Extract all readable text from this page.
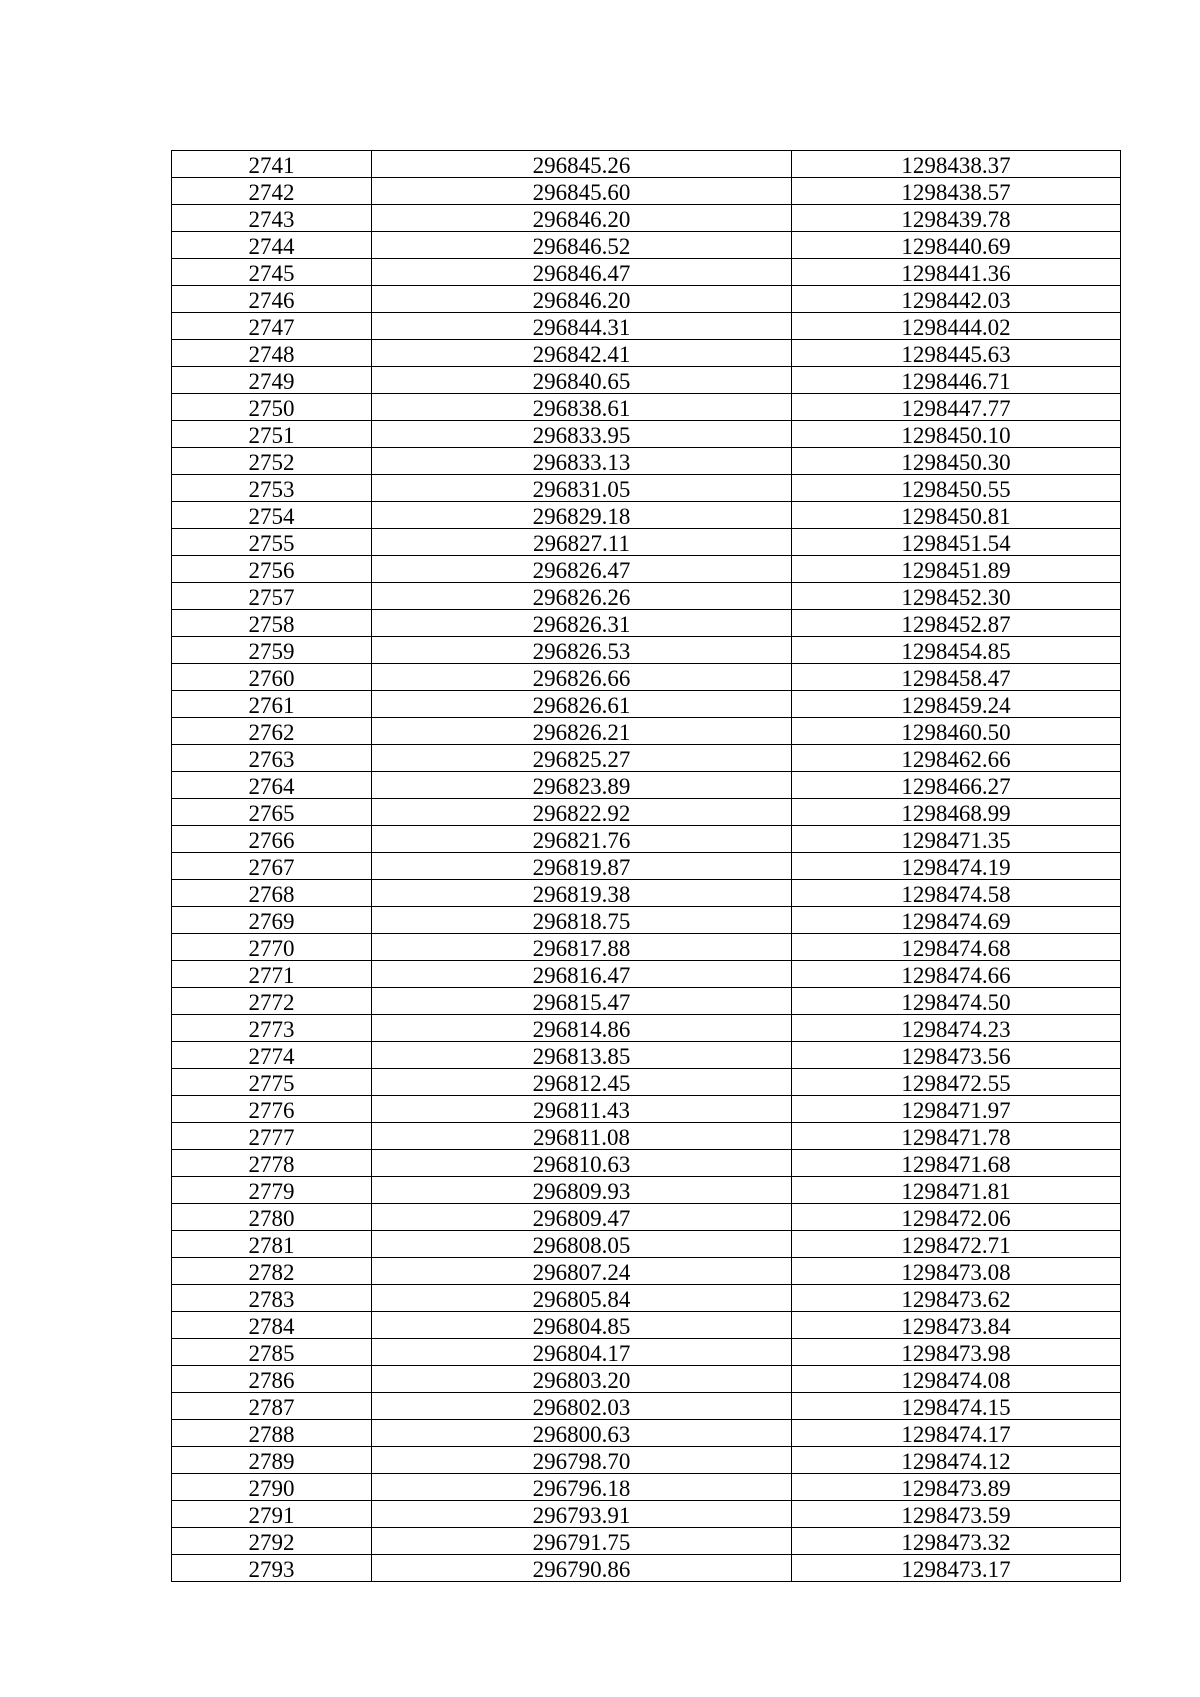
2741	296845.26	1298438.37
2742	296845.60	1298438.57
2743	296846.20	1298439.78
2744	296846.52	1298440.69
2745	296846.47	1298441.36
2746	296846.20	1298442.03
2747	296844.31	1298444.02
2748	296842.41	1298445.63
2749	296840.65	1298446.71
2750	296838.61	1298447.77
2751	296833.95	1298450.10
2752	296833.13	1298450.30
2753	296831.05	1298450.55
2754	296829.18	1298450.81
2755	296827.11	1298451.54
2756	296826.47	1298451.89
2757	296826.26	1298452.30
2758	296826.31	1298452.87
2759	296826.53	1298454.85
2760	296826.66	1298458.47
2761	296826.61	1298459.24
2762	296826.21	1298460.50
2763	296825.27	1298462.66
2764	296823.89	1298466.27
2765	296822.92	1298468.99
2766	296821.76	1298471.35
2767	296819.87	1298474.19
2768	296819.38	1298474.58
2769	296818.75	1298474.69
2770	296817.88	1298474.68
2771	296816.47	1298474.66
2772	296815.47	1298474.50
2773	296814.86	1298474.23
2774	296813.85	1298473.56
2775	296812.45	1298472.55
2776	296811.43	1298471.97
2777	296811.08	1298471.78
2778	296810.63	1298471.68
2779	296809.93	1298471.81
2780	296809.47	1298472.06
2781	296808.05	1298472.71
2782	296807.24	1298473.08
2783	296805.84	1298473.62
2784	296804.85	1298473.84
2785	296804.17	1298473.98
2786	296803.20	1298474.08
2787	296802.03	1298474.15
2788	296800.63	1298474.17
2789	296798.70	1298474.12
2790	296796.18	1298473.89
2791	296793.91	1298473.59
2792	296791.75	1298473.32
2793	296790.86	1298473.17
